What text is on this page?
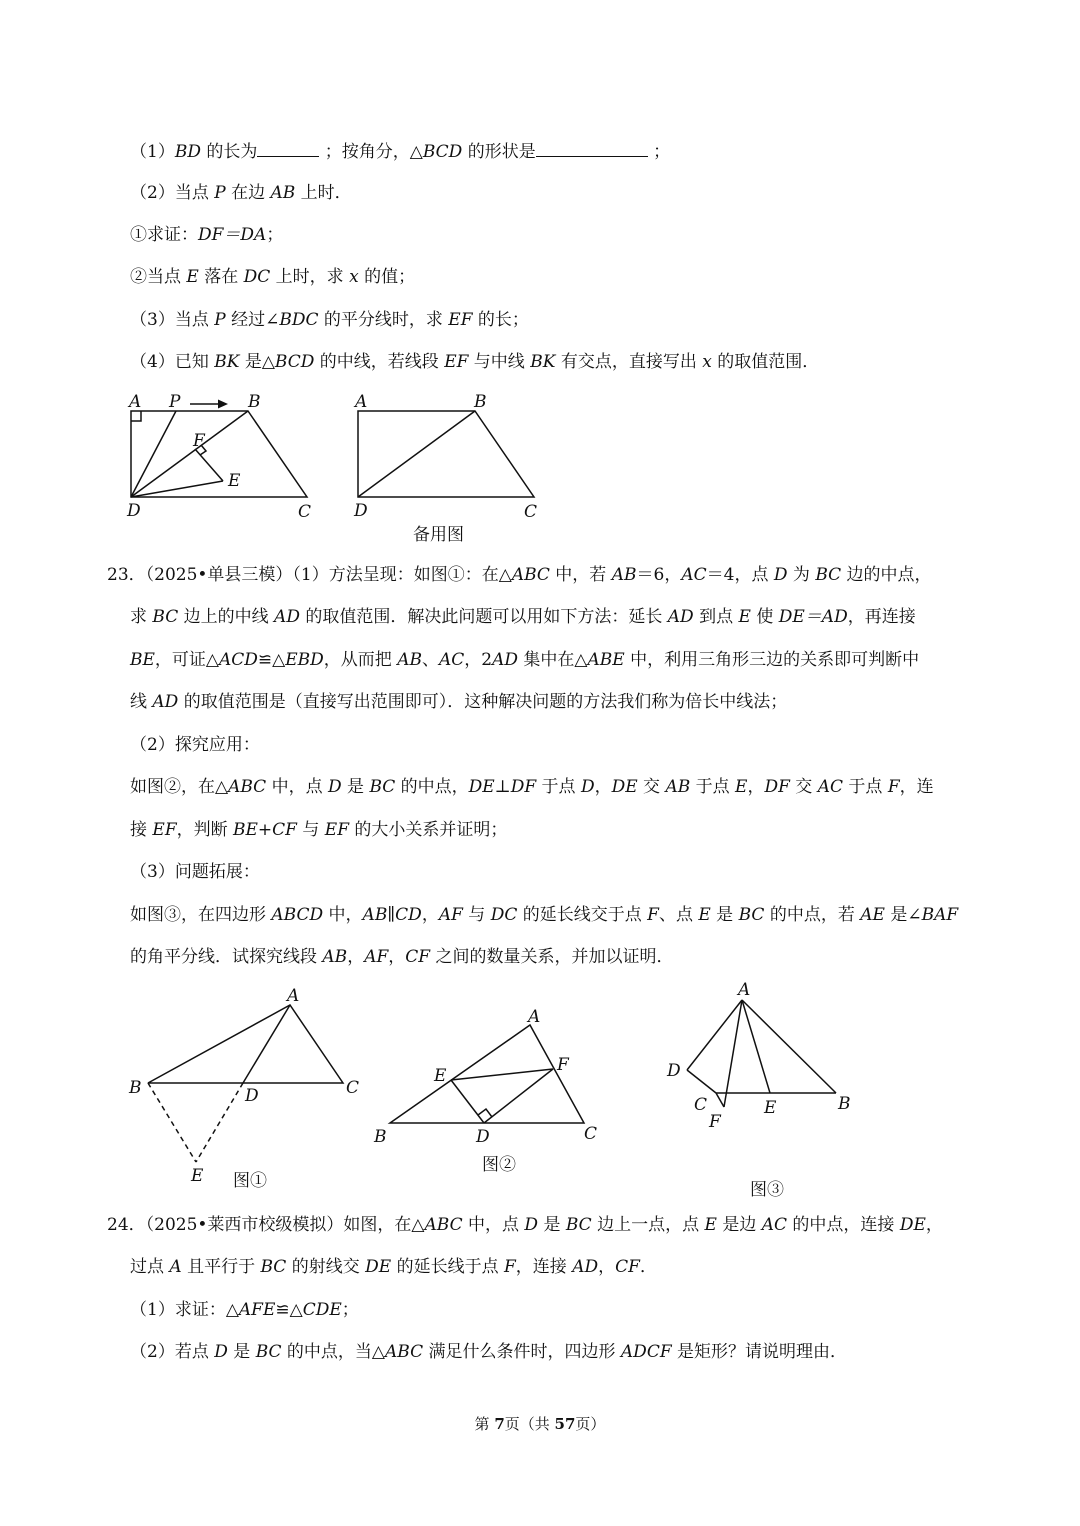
（1）BD 的长为	；按角分，△BCD 的形状是	；
（2）当点 P 在边 AB 上时．
①求证：DF＝DA；
②当点 E 落在 DC 上时，求 x 的值；
（3）当点 P 经过∠BDC 的平分线时，求 EF 的长；
（4）已知 BK 是△BCD 的中线，若线段 EF 与中线 BK 有交点，直接写出 x 的取值范围．
A P	B
F
E
D	C
A	B
D	C
备用图
23．（2025•单县三模）（1）方法呈现：如图①：在△ABC 中，若 AB＝6，AC＝4，点 D 为 BC 边的中点，
求 BC 边上的中线 AD 的取值范围．解决此问题可以用如下方法：延长 AD 到点 E 使 DE＝AD，再连接
BE，可证△ACD≌△EBD，从而把 AB、AC，2AD 集中在△ABE 中，利用三角形三边的关系即可判断中
线 AD 的取值范围是（直接写出范围即可）．这种解决问题的方法我们称为倍长中线法；
（2）探究应用：
如图②，在△ABC 中，点 D 是 BC 的中点，DE⊥DF 于点 D，DE 交 AB 于点 E，DF 交 AC 于点 F，连
接 EF，判断 BE+CF 与 EF 的大小关系并证明；
（3）问题拓展：
如图③，在四边形 ABCD 中，AB∥CD，AF 与 DC 的延长线交于点 F、点 E 是 BC 的中点，若 AE 是∠BAF
的角平分线．试探究线段 AB，AF，CF 之间的数量关系，并加以证明．
A
B	D	C
E 图①
A
E
F
B	D	C
图②
A
D
C
F
E	B
图③
24．（2025•莱西市校级模拟）如图，在△ABC 中，点 D 是 BC 边上一点，点 E 是边 AC 的中点，连接 DE，
过点 A 且平行于 BC 的射线交 DE 的延长线于点 F，连接 AD，CF．
（1）求证：△AFE≌△CDE；
（2）若点 D 是 BC 的中点，当△ABC 满足什么条件时，四边形 ADCF 是矩形？请说明理由．
第 7页（共 57页）
